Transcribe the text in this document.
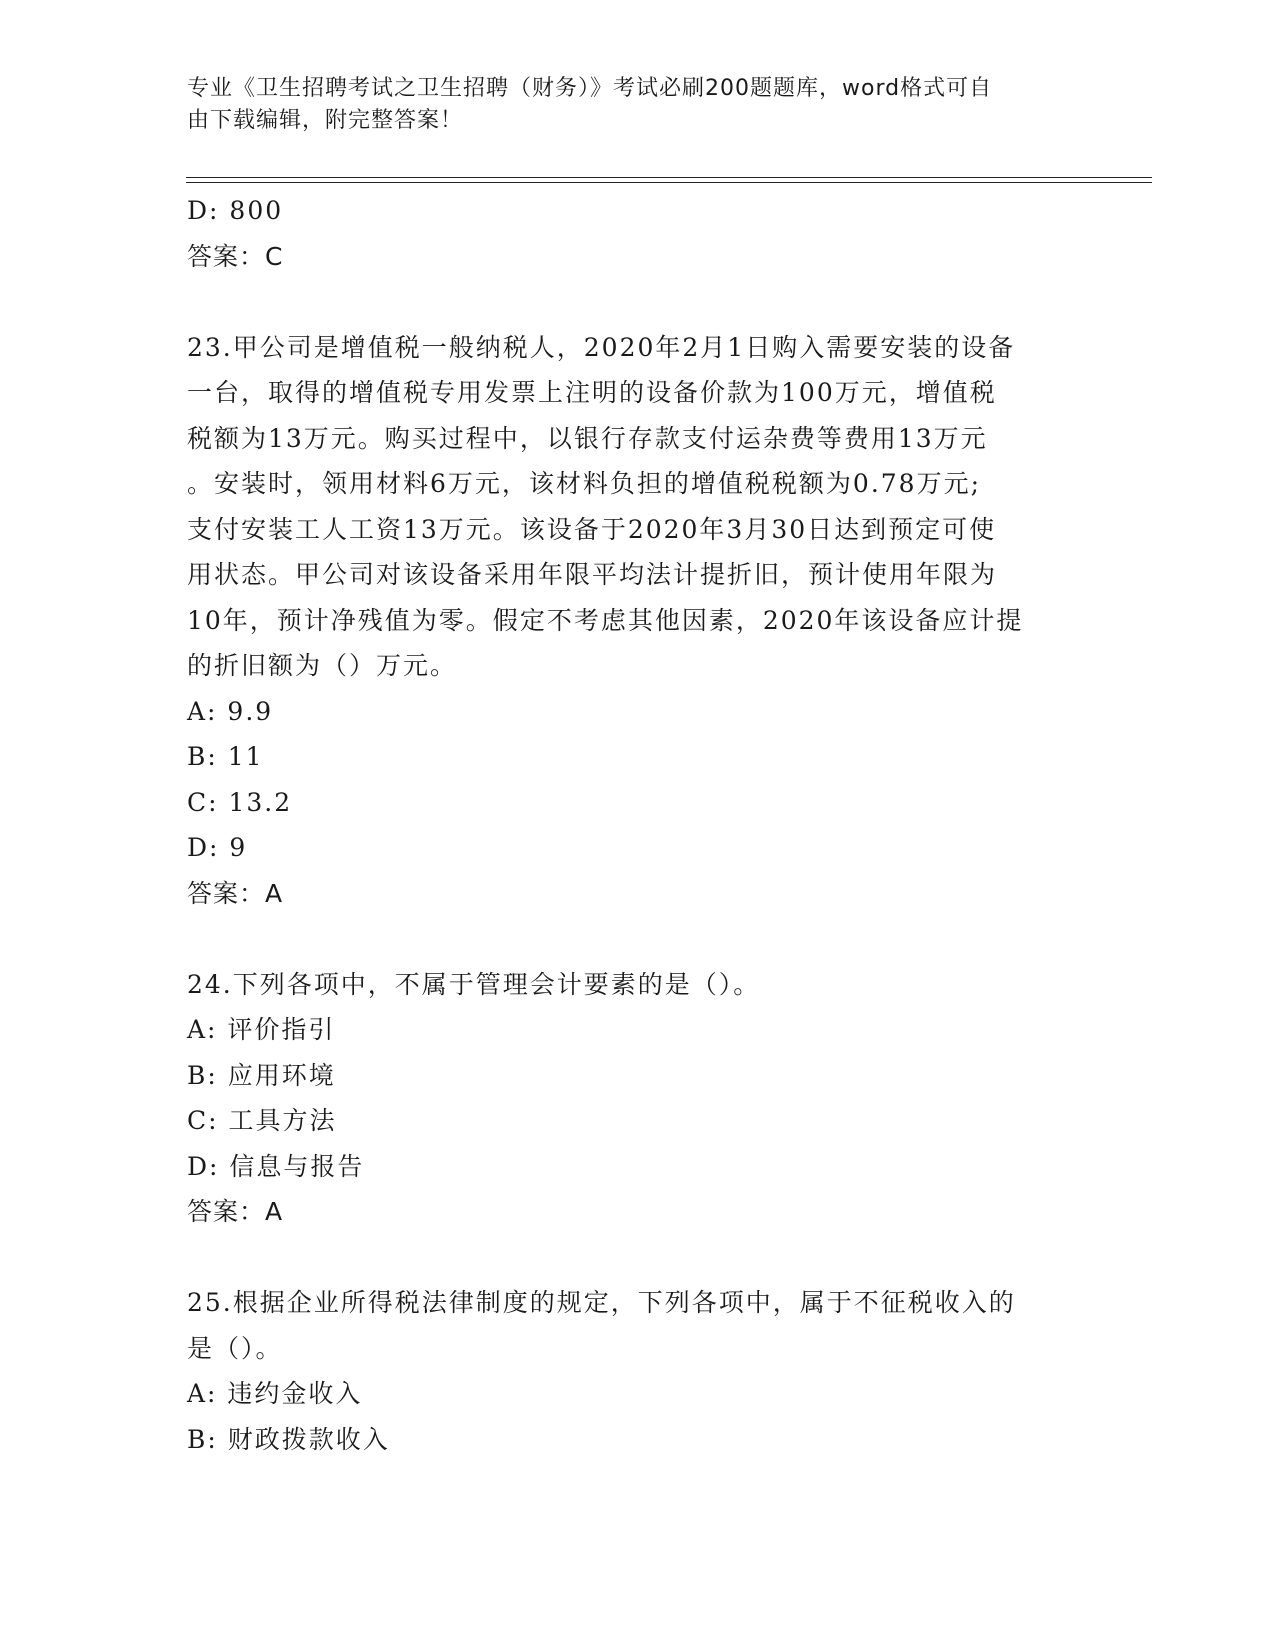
专业《卫生招聘考试之卫生招聘（财务）》考试必刷200题题库，word格式可自
由下载编辑，附完整答案！
D: 800
答案：C
23.甲公司是增值税一般纳税人，2020年2月1日购入需要安装的设备
一台，取得的增值税专用发票上注明的设备价款为100万元，增值税
税额为13万元。购买过程中，以银行存款支付运杂费等费用13万元
。安装时，领用材料6万元，该材料负担的增值税税额为0.78万元;
支付安装工人工资13万元。该设备于2020年3月30日达到预定可使
用状态。甲公司对该设备采用年限平均法计提折旧，预计使用年限为
10年，预计净残值为零。假定不考虑其他因素，2020年该设备应计提
的折旧额为（）万元。
A: 9.9
B: 11
C: 13.2
D: 9
答案：A
24.下列各项中，不属于管理会计要素的是（）。
A: 评价指引
B: 应用环境
C: 工具方法
D: 信息与报告
答案：A
25.根据企业所得税法律制度的规定，下列各项中，属于不征税收入的
是（）。
A: 违约金收入
B: 财政拨款收入
